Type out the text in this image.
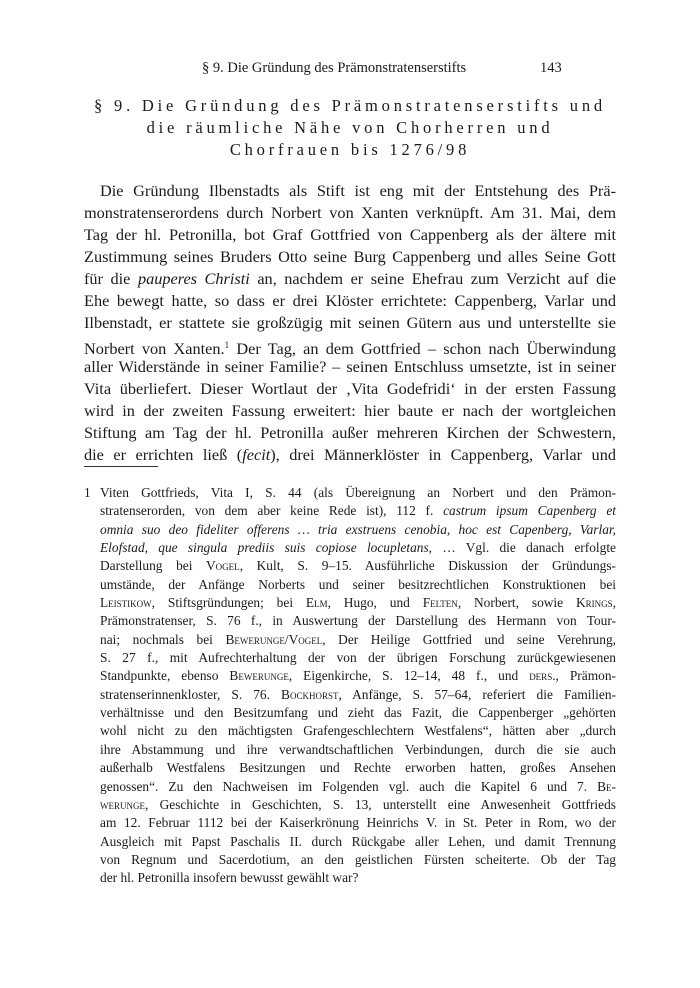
§ 9. Die Gründung des Prämonstratenserstifts	143
§ 9. Die Gründung des Prämonstratenserstifts und
die räumliche Nähe von Chorherren und
Chorfrauen bis 1276/98
Die Gründung Ilbenstadts als Stift ist eng mit der Entstehung des Prä-
monstratenserordens durch Norbert von Xanten verknüpft. Am 31. Mai, dem
Tag der hl. Petronilla, bot Graf Gottfried von Cappenberg als der ältere mit
Zustimmung seines Bruders Otto seine Burg Cappenberg und alles Seine Gott
für die pauperes Christi an, nachdem er seine Ehefrau zum Verzicht auf die
Ehe bewegt hatte, so dass er drei Klöster errichtete: Cappenberg, Varlar und
Ilbenstadt, er stattete sie großzügig mit seinen Gütern aus und unterstellte sie
Norbert von Xanten.$^1$ Der Tag, an dem Gottfried – schon nach Überwindung
aller Widerstände in seiner Familie? – seinen Entschluss umsetzte, ist in seiner
Vita überliefert. Dieser Wortlaut der ‚Vita Godefridi‘ in der ersten Fassung
wird in der zweiten Fassung erweitert: hier baute er nach der wortgleichen
Stiftung am Tag der hl. Petronilla außer mehreren Kirchen der Schwestern,
die er errichten ließ (fecit), drei Männerklöster in Cappenberg, Varlar und
1 Viten Gottfrieds, Vita I, S. 44 (als Übereignung an Norbert und den Prämon-
stratenserorden, von dem aber keine Rede ist), 112 f. castrum ipsum Capenberg et
omnia suo deo fideliter offerens … tria exstruens cenobia, hoc est Capenberg, Varlar,
Elofstad, que singula prediis suis copiose locupletans, … Vgl. die danach erfolgte
Darstellung bei Vogel, Kult, S. 9–15. Ausführliche Diskussion der Gründungs-
umstände, der Anfänge Norberts und seiner besitzrechtlichen Konstruktionen bei
Leistikow, Stiftsgründungen; bei Elm, Hugo, und Felten, Norbert, sowie Krings,
Prämonstratenser, S. 76 f., in Auswertung der Darstellung des Hermann von Tour-
nai; nochmals bei Bewerunge/Vogel, Der Heilige Gottfried und seine Verehrung,
S. 27 f., mit Aufrechterhaltung der von der übrigen Forschung zurückgewiesenen
Standpunkte, ebenso Bewerunge, Eigenkirche, S. 12–14, 48 f., und ders., Prämon-
stratenserinnenkloster, S. 76. Bockhorst, Anfänge, S. 57–64, referiert die Familien-
verhältnisse und den Besitzumfang und zieht das Fazit, die Cappenberger „gehörten
wohl nicht zu den mächtigsten Grafengeschlechtern Westfalens“, hätten aber „durch
ihre Abstammung und ihre verwandtschaftlichen Verbindungen, durch die sie auch
außerhalb Westfalens Besitzungen und Rechte erworben hatten, großes Ansehen
genossen“. Zu den Nachweisen im Folgenden vgl. auch die Kapitel 6 und 7. Be-
werunge, Geschichte in Geschichten, S. 13, unterstellt eine Anwesenheit Gottfrieds
am 12. Februar 1112 bei der Kaiserkrönung Heinrichs V. in St. Peter in Rom, wo der
Ausgleich mit Papst Paschalis II. durch Rückgabe aller Lehen, und damit Trennung
von Regnum und Sacerdotium, an den geistlichen Fürsten scheiterte. Ob der Tag
der hl. Petronilla insofern bewusst gewählt war?
